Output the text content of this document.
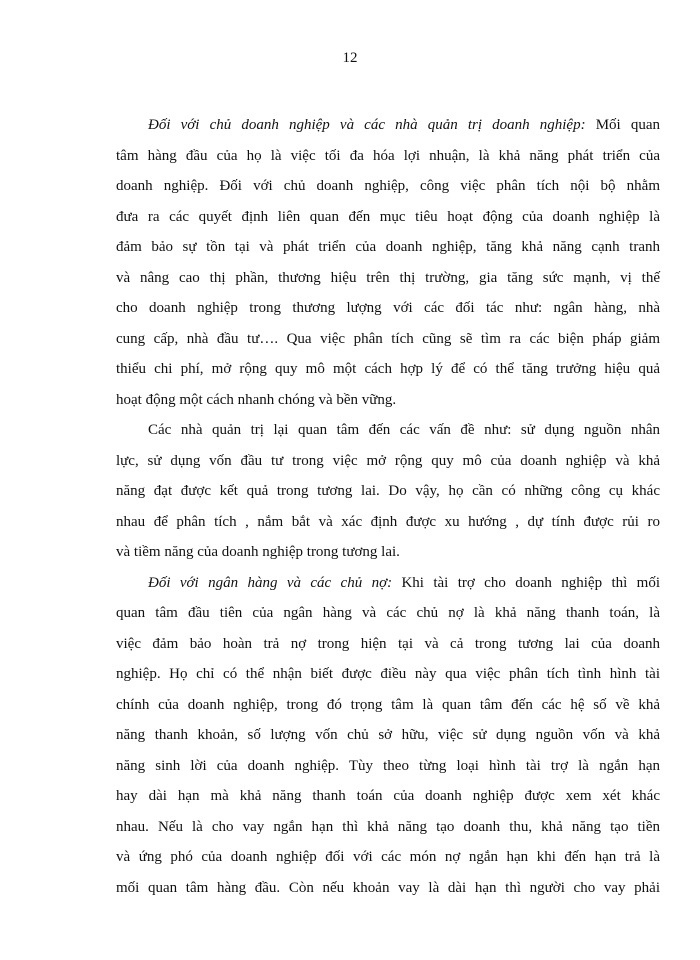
12

Đối với chủ doanh nghiệp và các nhà quản trị doanh nghiệp: Mối quan
tâm hàng đầu của họ là việc tối đa hóa lợi nhuận, là khả năng phát triển của
doanh nghiệp. Đối với chủ doanh nghiệp, công việc phân tích nội bộ nhằm
đưa ra các quyết định liên quan đến mục tiêu hoạt động của doanh nghiệp là
đảm bảo sự tồn tại và phát triển của doanh nghiệp, tăng khả năng cạnh tranh
và nâng cao thị phần, thương hiệu trên thị trường, gia tăng sức mạnh, vị thế
cho doanh nghiệp trong thương lượng với các đối tác như: ngân hàng, nhà
cung cấp, nhà đầu tư…. Qua việc phân tích cũng sẽ tìm ra các biện pháp giảm
thiểu chi phí, mở rộng quy mô một cách hợp lý để có thể tăng trưởng hiệu quả
hoạt động một cách nhanh chóng và bền vững.

Các nhà quản trị lại quan tâm đến các vấn đề như: sử dụng nguồn nhân
lực, sử dụng vốn đầu tư trong việc mở rộng quy mô của doanh nghiệp và khả
năng đạt được kết quả trong tương lai. Do vậy, họ cần có những công cụ khác
nhau để phân tích , nắm bắt và xác định được xu hướng , dự tính được rủi ro
và tiềm năng của doanh nghiệp trong tương lai.

Đối với ngân hàng và các chủ nợ: Khi tài trợ cho doanh nghiệp thì mối
quan tâm đầu tiên của ngân hàng và các chủ nợ là khả năng thanh toán, là
việc đảm bảo hoàn trả nợ trong hiện tại và cả trong tương lai của doanh
nghiệp. Họ chỉ có thể nhận biết được điều này qua việc phân tích tình hình tài
chính của doanh nghiệp, trong đó trọng tâm là quan tâm đến các hệ số về khả
năng thanh khoản, số lượng vốn chủ sở hữu, việc sử dụng nguồn vốn và khả
năng sinh lời của doanh nghiệp. Tùy theo từng loại hình tài trợ là ngắn hạn
hay dài hạn mà khả năng thanh toán của doanh nghiệp được xem xét khác
nhau. Nếu là cho vay ngắn hạn thì khả năng tạo doanh thu, khả năng tạo tiền
và ứng phó của doanh nghiệp đối với các món nợ ngắn hạn khi đến hạn trả là
mối quan tâm hàng đầu. Còn nếu khoản vay là dài hạn thì người cho vay phải
